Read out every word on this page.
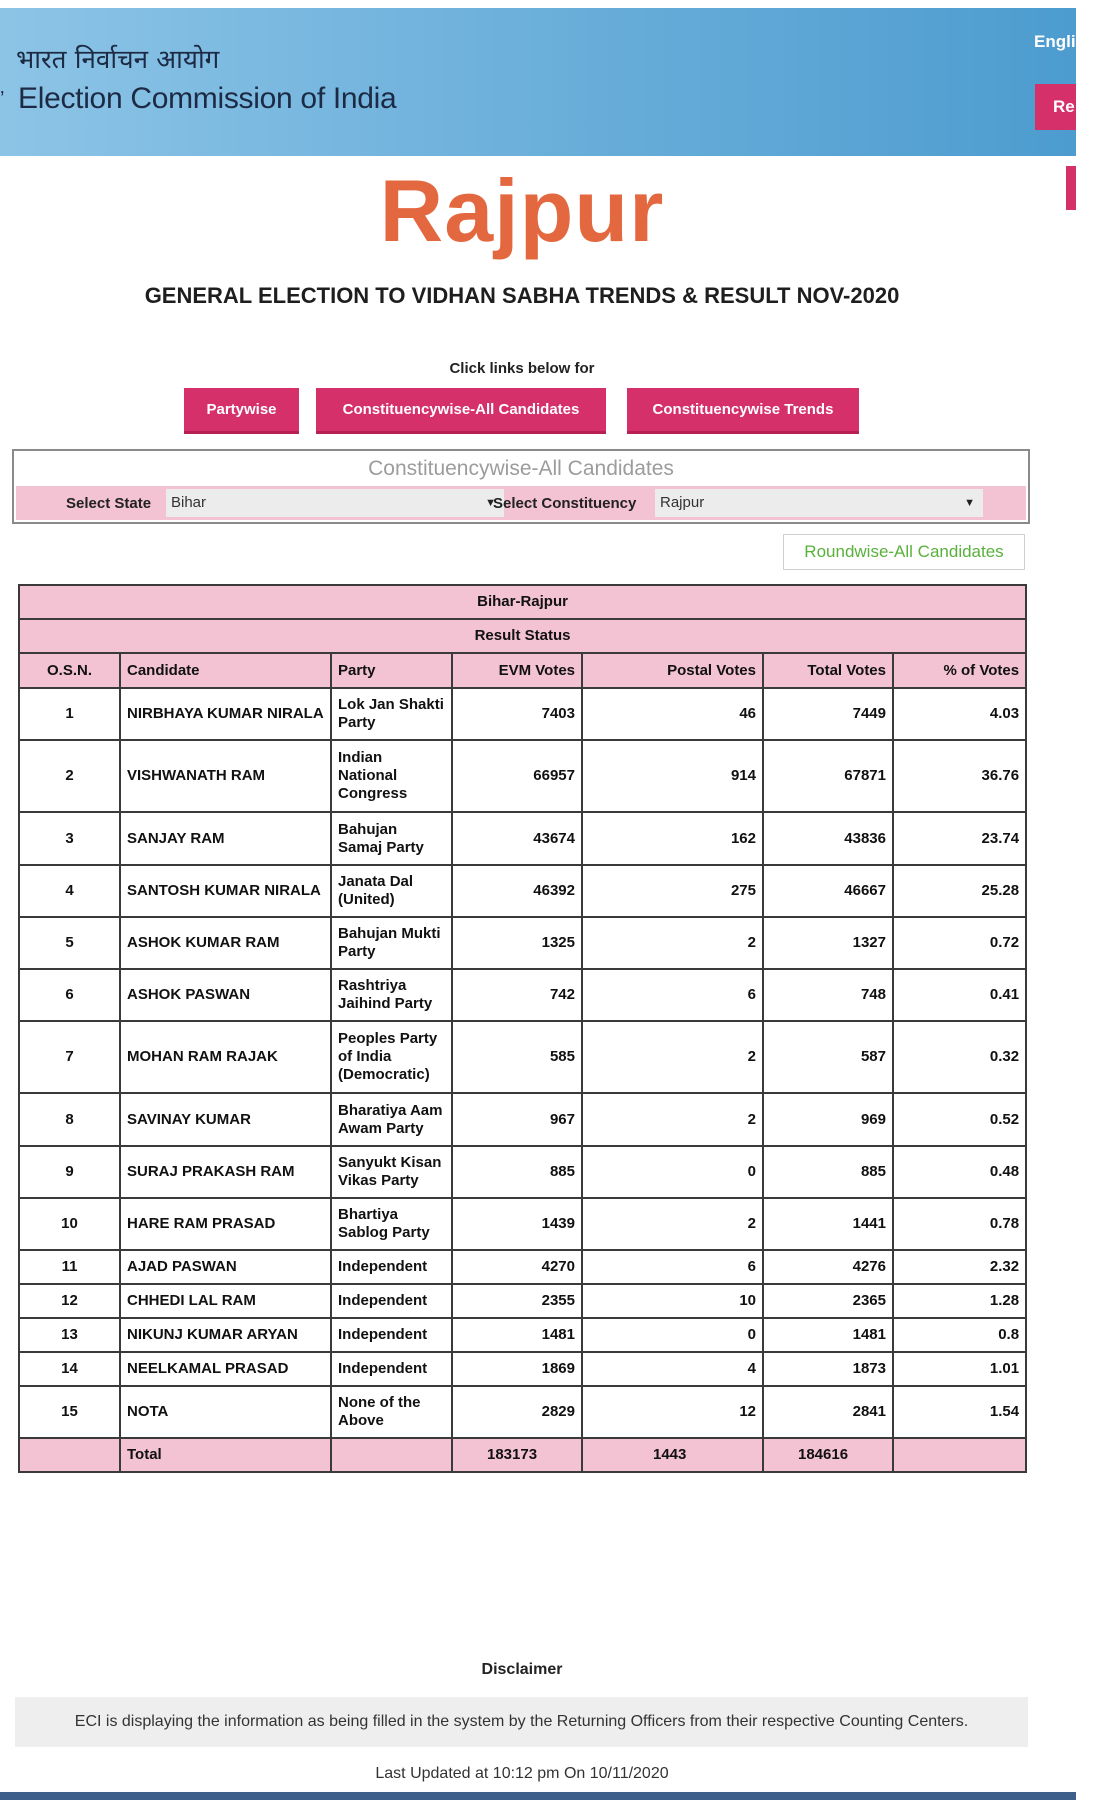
’
भारत निर्वाचन आयोग
Election Commission of India
English
Re
Rajpur
GENERAL ELECTION TO VIDHAN SABHA TRENDS & RESULT NOV-2020
Click links below for
Partywise	Constituencywise-All Candidates	Constituencywise Trends
Constituencywise-All Candidates
Select State	Bihar	▼
Select Constituency	Rajpur	▼
Roundwise-All Candidates
Bihar-Rajpur						
Result Status						
O.S.N.	Candidate	Party	EVM Votes	Postal Votes	Total Votes	% of Votes
1	NIRBHAYA KUMAR NIRALA	Lok Jan Shakti Party	7403	46	7449	4.03
2	VISHWANATH RAM	Indian National Congress	66957	914	67871	36.76
3	SANJAY RAM	Bahujan Samaj Party	43674	162	43836	23.74
4	SANTOSH KUMAR NIRALA	Janata Dal (United)	46392	275	46667	25.28
5	ASHOK KUMAR RAM	Bahujan Mukti Party	1325	2	1327	0.72
6	ASHOK PASWAN	Rashtriya Jaihind Party	742	6	748	0.41
7	MOHAN RAM RAJAK	Peoples Party of India (Democratic)	585	2	587	0.32
8	SAVINAY KUMAR	Bharatiya Aam Awam Party	967	2	969	0.52
9	SURAJ PRAKASH RAM	Sanyukt Kisan Vikas Party	885	0	885	0.48
10	HARE RAM PRASAD	Bhartiya Sablog Party	1439	2	1441	0.78
11	AJAD PASWAN	Independent	4270	6	4276	2.32
12	CHHEDI LAL RAM	Independent	2355	10	2365	1.28
13	NIKUNJ KUMAR ARYAN	Independent	1481	0	1481	0.8
14	NEELKAMAL PRASAD	Independent	1869	4	1873	1.01
15	NOTA	None of the Above	2829	12	2841	1.54
	Total		183173	1443	184616	
Disclaimer
ECI is displaying the information as being filled in the system by the Returning Officers from their respective Counting Centers.
Last Updated at 10:12 pm On 10/11/2020
